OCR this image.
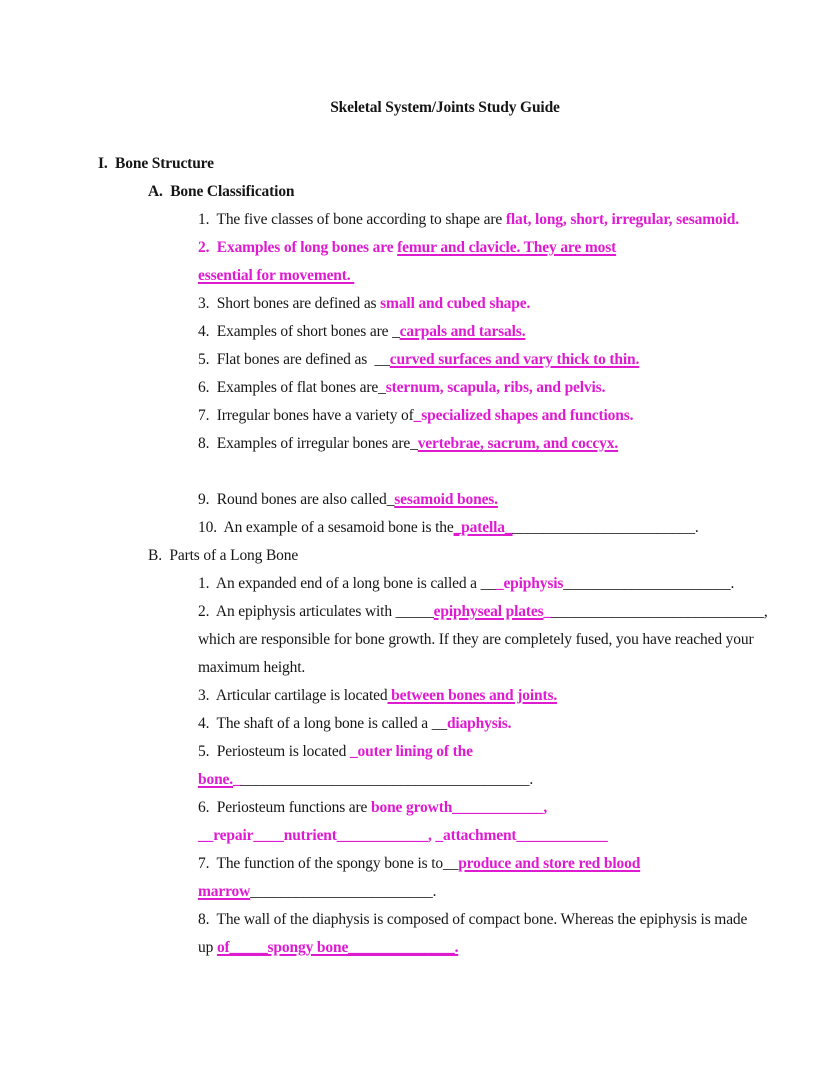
Skeletal System/Joints Study Guide
I.  Bone Structure
A.  Bone Classification
1.  The five classes of bone according to shape are flat, long, short, irregular, sesamoid.
2.  Examples of long bones are femur and clavicle. They are most
essential for movement.
3.  Short bones are defined as small and cubed shape.
4.  Examples of short bones are _carpals and tarsals.
5.  Flat bones are defined as  __curved surfaces and vary thick to thin.
6.  Examples of flat bones are_sternum, scapula, ribs, and pelvis.
7.  Irregular bones have a variety of_specialized shapes and functions.
8.  Examples of irregular bones are_vertebrae, sacrum, and coccyx.
9.  Round bones are also called_sesamoid bones.
10.  An example of a sesamoid bone is the_patella_________________________.
B.  Parts of a Long Bone
1.  An expanded end of a long bone is called a ___epiphysis______________________.
2.  An epiphysis articulates with _____epiphyseal plates_____________________________,
which are responsible for bone growth. If they are completely fused, you have reached your
maximum height.
3.  Articular cartilage is located between bones and joints.
4.  The shaft of a long bone is called a __diaphysis.
5.  Periosteum is located _outer lining of the
bone._______________________________________.
6.  Periosteum functions are bone growth____________,
__repair____nutrient____________, _attachment____________
7.  The function of the spongy bone is to__produce and store red blood
marrow________________________.
8.  The wall of the diaphysis is composed of compact bone. Whereas the epiphysis is made
up of_____spongy bone______________.
